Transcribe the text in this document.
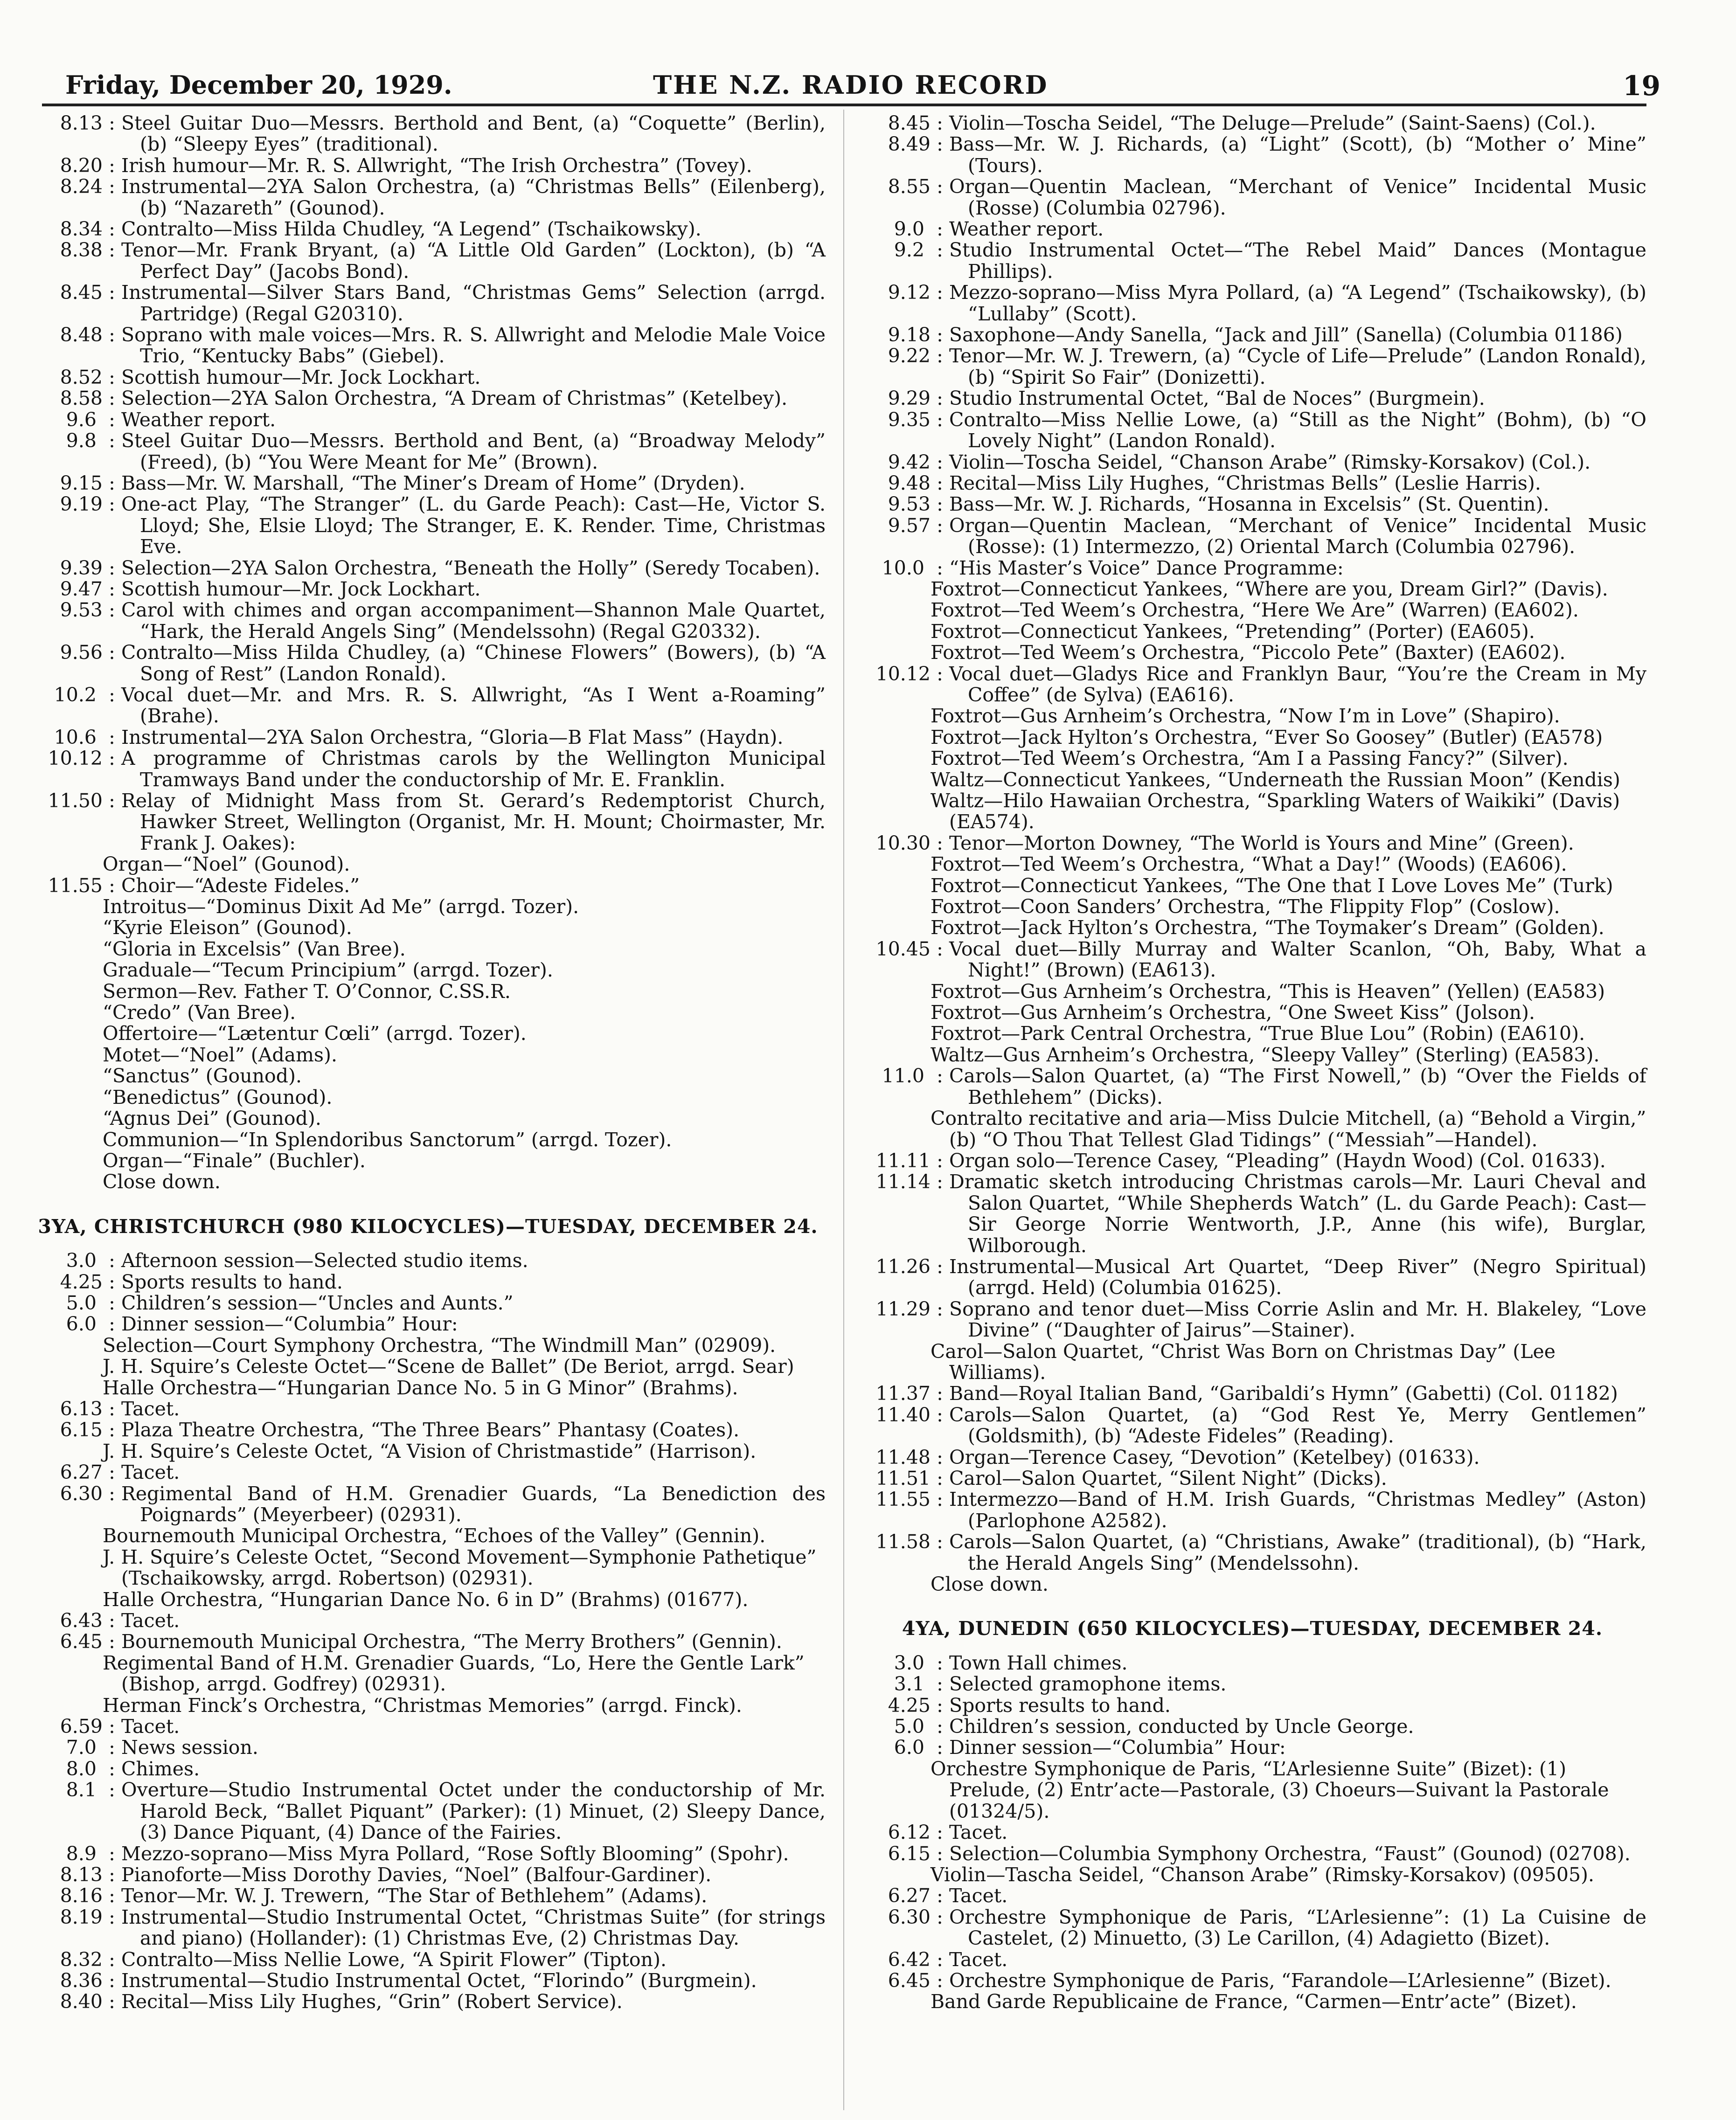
Friday, December 20, 1929.	THE N.Z. RADIO RECORD	19
8.13 : Steel Guitar Duo—Messrs. Berthold and Bent, (a) “Coquette” (Berlin), (b) “Sleepy Eyes” (traditional).
8.20 : Irish humour—Mr. R. S. Allwright, “The Irish Orchestra” (Tovey).
8.24 : Instrumental—2YA Salon Orchestra, (a) “Christmas Bells” (Eilenberg), (b) “Nazareth” (Gounod).
8.34 : Contralto—Miss Hilda Chudley, “A Legend” (Tschaikowsky).
8.38 : Tenor—Mr. Frank Bryant, (a) “A Little Old Garden” (Lockton), (b) “A Perfect Day” (Jacobs Bond).
8.45 : Instrumental—Silver Stars Band, “Christmas Gems” Selection (arrgd. Partridge) (Regal G20310).
8.48 : Soprano with male voices—Mrs. R. S. Allwright and Melodie Male Voice Trio, “Kentucky Babs” (Giebel).
8.52 : Scottish humour—Mr. Jock Lockhart.
8.58 : Selection—2YA Salon Orchestra, “A Dream of Christmas” (Ketelbey).
9.6 : Weather report.
9.8 : Steel Guitar Duo—Messrs. Berthold and Bent, (a) “Broadway Melody” (Freed), (b) “You Were Meant for Me” (Brown).
9.15 : Bass—Mr. W. Marshall, “The Miner’s Dream of Home” (Dryden).
9.19 : One-act Play, “The Stranger” (L. du Garde Peach): Cast—He, Victor S. Lloyd; She, Elsie Lloyd; The Stranger, E. K. Render. Time, Christmas Eve.
9.39 : Selection—2YA Salon Orchestra, “Beneath the Holly” (Seredy Tocaben).
9.47 : Scottish humour—Mr. Jock Lockhart.
9.53 : Carol with chimes and organ accompaniment—Shannon Male Quartet, “Hark, the Herald Angels Sing” (Mendelssohn) (Regal G20332).
9.56 : Contralto—Miss Hilda Chudley, (a) “Chinese Flowers” (Bowers), (b) “A Song of Rest” (Landon Ronald).
10.2 : Vocal duet—Mr. and Mrs. R. S. Allwright, “As I Went a-Roaming” (Brahe).
10.6 : Instrumental—2YA Salon Orchestra, “Gloria—B Flat Mass” (Haydn).
10.12 : A programme of Christmas carols by the Wellington Municipal Tramways Band under the conductorship of Mr. E. Franklin.
11.50 : Relay of Midnight Mass from St. Gerard’s Redemptorist Church, Hawker Street, Wellington (Organist, Mr. H. Mount; Choirmaster, Mr. Frank J. Oakes):
Organ—“Noel” (Gounod).
11.55 : Choir—“Adeste Fideles.”
Introitus—“Dominus Dixit Ad Me” (arrgd. Tozer).
“Kyrie Eleison” (Gounod).
“Gloria in Excelsis” (Van Bree).
Graduale—“Tecum Principium” (arrgd. Tozer).
Sermon—Rev. Father T. O’Connor, C.SS.R.
“Credo” (Van Bree).
Offertoire—“Lætentur Cœli” (arrgd. Tozer).
Motet—“Noel” (Adams).
“Sanctus” (Gounod).
“Benedictus” (Gounod).
“Agnus Dei” (Gounod).
Communion—“In Splendoribus Sanctorum” (arrgd. Tozer).
Organ—“Finale” (Buchler).
Close down.
3YA, CHRISTCHURCH (980 KILOCYCLES)—TUESDAY, DECEMBER 24.
3.0 : Afternoon session—Selected studio items.
4.25 : Sports results to hand.
5.0 : Children’s session—“Uncles and Aunts.”
6.0 : Dinner session—“Columbia” Hour:
Selection—Court Symphony Orchestra, “The Windmill Man” (02909).
J. H. Squire’s Celeste Octet—“Scene de Ballet” (De Beriot, arrgd. Sear)
Halle Orchestra—“Hungarian Dance No. 5 in G Minor” (Brahms).
6.13 : Tacet.
6.15 : Plaza Theatre Orchestra, “The Three Bears” Phantasy (Coates).
J. H. Squire’s Celeste Octet, “A Vision of Christmastide” (Harrison).
6.27 : Tacet.
6.30 : Regimental Band of H.M. Grenadier Guards, “La Benediction des Poignards” (Meyerbeer) (02931).
Bournemouth Municipal Orchestra, “Echoes of the Valley” (Gennin).
J. H. Squire’s Celeste Octet, “Second Movement—Symphonie Pathetique” (Tschaikowsky, arrgd. Robertson) (02931).
Halle Orchestra, “Hungarian Dance No. 6 in D” (Brahms) (01677).
6.43 : Tacet.
6.45 : Bournemouth Municipal Orchestra, “The Merry Brothers” (Gennin).
Regimental Band of H.M. Grenadier Guards, “Lo, Here the Gentle Lark” (Bishop, arrgd. Godfrey) (02931).
Herman Finck’s Orchestra, “Christmas Memories” (arrgd. Finck).
6.59 : Tacet.
7.0 : News session.
8.0 : Chimes.
8.1 : Overture—Studio Instrumental Octet under the conductorship of Mr. Harold Beck, “Ballet Piquant” (Parker): (1) Minuet, (2) Sleepy Dance, (3) Dance Piquant, (4) Dance of the Fairies.
8.9 : Mezzo-soprano—Miss Myra Pollard, “Rose Softly Blooming” (Spohr).
8.13 : Pianoforte—Miss Dorothy Davies, “Noel” (Balfour-Gardiner).
8.16 : Tenor—Mr. W. J. Trewern, “The Star of Bethlehem” (Adams).
8.19 : Instrumental—Studio Instrumental Octet, “Christmas Suite” (for strings and piano) (Hollander): (1) Christmas Eve, (2) Christmas Day.
8.32 : Contralto—Miss Nellie Lowe, “A Spirit Flower” (Tipton).
8.36 : Instrumental—Studio Instrumental Octet, “Florindo” (Burgmein).
8.40 : Recital—Miss Lily Hughes, “Grin” (Robert Service).
8.45 : Violin—Toscha Seidel, “The Deluge—Prelude” (Saint-Saens) (Col.).
8.49 : Bass—Mr. W. J. Richards, (a) “Light” (Scott), (b) “Mother o’ Mine” (Tours).
8.55 : Organ—Quentin Maclean, “Merchant of Venice” Incidental Music (Rosse) (Columbia 02796).
9.0 : Weather report.
9.2 : Studio Instrumental Octet—“The Rebel Maid” Dances (Montague Phillips).
9.12 : Mezzo-soprano—Miss Myra Pollard, (a) “A Legend” (Tschaikowsky), (b) “Lullaby” (Scott).
9.18 : Saxophone—Andy Sanella, “Jack and Jill” (Sanella) (Columbia 01186)
9.22 : Tenor—Mr. W. J. Trewern, (a) “Cycle of Life—Prelude” (Landon Ronald), (b) “Spirit So Fair” (Donizetti).
9.29 : Studio Instrumental Octet, “Bal de Noces” (Burgmein).
9.35 : Contralto—Miss Nellie Lowe, (a) “Still as the Night” (Bohm), (b) “O Lovely Night” (Landon Ronald).
9.42 : Violin—Toscha Seidel, “Chanson Arabe” (Rimsky-Korsakov) (Col.).
9.48 : Recital—Miss Lily Hughes, “Christmas Bells” (Leslie Harris).
9.53 : Bass—Mr. W. J. Richards, “Hosanna in Excelsis” (St. Quentin).
9.57 : Organ—Quentin Maclean, “Merchant of Venice” Incidental Music (Rosse): (1) Intermezzo, (2) Oriental March (Columbia 02796).
10.0 : “His Master’s Voice” Dance Programme:
Foxtrot—Connecticut Yankees, “Where are you, Dream Girl?” (Davis).
Foxtrot—Ted Weem’s Orchestra, “Here We Are” (Warren) (EA602).
Foxtrot—Connecticut Yankees, “Pretending” (Porter) (EA605).
Foxtrot—Ted Weem’s Orchestra, “Piccolo Pete” (Baxter) (EA602).
10.12 : Vocal duet—Gladys Rice and Franklyn Baur, “You’re the Cream in My Coffee” (de Sylva) (EA616).
Foxtrot—Gus Arnheim’s Orchestra, “Now I’m in Love” (Shapiro).
Foxtrot—Jack Hylton’s Orchestra, “Ever So Goosey” (Butler) (EA578)
Foxtrot—Ted Weem’s Orchestra, “Am I a Passing Fancy?” (Silver).
Waltz—Connecticut Yankees, “Underneath the Russian Moon” (Kendis)
Waltz—Hilo Hawaiian Orchestra, “Sparkling Waters of Waikiki” (Davis) (EA574).
10.30 : Tenor—Morton Downey, “The World is Yours and Mine” (Green).
Foxtrot—Ted Weem’s Orchestra, “What a Day!” (Woods) (EA606).
Foxtrot—Connecticut Yankees, “The One that I Love Loves Me” (Turk)
Foxtrot—Coon Sanders’ Orchestra, “The Flippity Flop” (Coslow).
Foxtrot—Jack Hylton’s Orchestra, “The Toymaker’s Dream” (Golden).
10.45 : Vocal duet—Billy Murray and Walter Scanlon, “Oh, Baby, What a Night!” (Brown) (EA613).
Foxtrot—Gus Arnheim’s Orchestra, “This is Heaven” (Yellen) (EA583)
Foxtrot—Gus Arnheim’s Orchestra, “One Sweet Kiss” (Jolson).
Foxtrot—Park Central Orchestra, “True Blue Lou” (Robin) (EA610).
Waltz—Gus Arnheim’s Orchestra, “Sleepy Valley” (Sterling) (EA583).
11.0 : Carols—Salon Quartet, (a) “The First Nowell,” (b) “Over the Fields of Bethlehem” (Dicks).
Contralto recitative and aria—Miss Dulcie Mitchell, (a) “Behold a Virgin,” (b) “O Thou That Tellest Glad Tidings” (“Messiah”—Handel).
11.11 : Organ solo—Terence Casey, “Pleading” (Haydn Wood) (Col. 01633).
11.14 : Dramatic sketch introducing Christmas carols—Mr. Lauri Cheval and Salon Quartet, “While Shepherds Watch” (L. du Garde Peach): Cast—Sir George Norrie Wentworth, J.P., Anne (his wife), Burglar, Wilborough.
11.26 : Instrumental—Musical Art Quartet, “Deep River” (Negro Spiritual) (arrgd. Held) (Columbia 01625).
11.29 : Soprano and tenor duet—Miss Corrie Aslin and Mr. H. Blakeley, “Love Divine” (“Daughter of Jairus”—Stainer).
Carol—Salon Quartet, “Christ Was Born on Christmas Day” (Lee Williams).
11.37 : Band—Royal Italian Band, “Garibaldi’s Hymn” (Gabetti) (Col. 01182)
11.40 : Carols—Salon Quartet, (a) “God Rest Ye, Merry Gentlemen” (Goldsmith), (b) “Adeste Fideles” (Reading).
11.48 : Organ—Terence Casey, “Devotion” (Ketelbey) (01633).
11.51 : Carol—Salon Quartet, “Silent Night” (Dicks).
11.55 : Intermezzo—Band of H.M. Irish Guards, “Christmas Medley” (Aston) (Parlophone A2582).
11.58 : Carols—Salon Quartet, (a) “Christians, Awake” (traditional), (b) “Hark, the Herald Angels Sing” (Mendelssohn).
Close down.
4YA, DUNEDIN (650 KILOCYCLES)—TUESDAY, DECEMBER 24.
3.0 : Town Hall chimes.
3.1 : Selected gramophone items.
4.25 : Sports results to hand.
5.0 : Children’s session, conducted by Uncle George.
6.0 : Dinner session—“Columbia” Hour:
Orchestre Symphonique de Paris, “L’Arlesienne Suite” (Bizet): (1) Prelude, (2) Entr’acte—Pastorale, (3) Choeurs—Suivant la Pastorale (01324/5).
6.12 : Tacet.
6.15 : Selection—Columbia Symphony Orchestra, “Faust” (Gounod) (02708).
Violin—Tascha Seidel, “Chanson Arabe” (Rimsky-Korsakov) (09505).
6.27 : Tacet.
6.30 : Orchestre Symphonique de Paris, “L’Arlesienne”: (1) La Cuisine de Castelet, (2) Minuetto, (3) Le Carillon, (4) Adagietto (Bizet).
6.42 : Tacet.
6.45 : Orchestre Symphonique de Paris, “Farandole—L’Arlesienne” (Bizet).
Band Garde Republicaine de France, “Carmen—Entr’acte” (Bizet).
